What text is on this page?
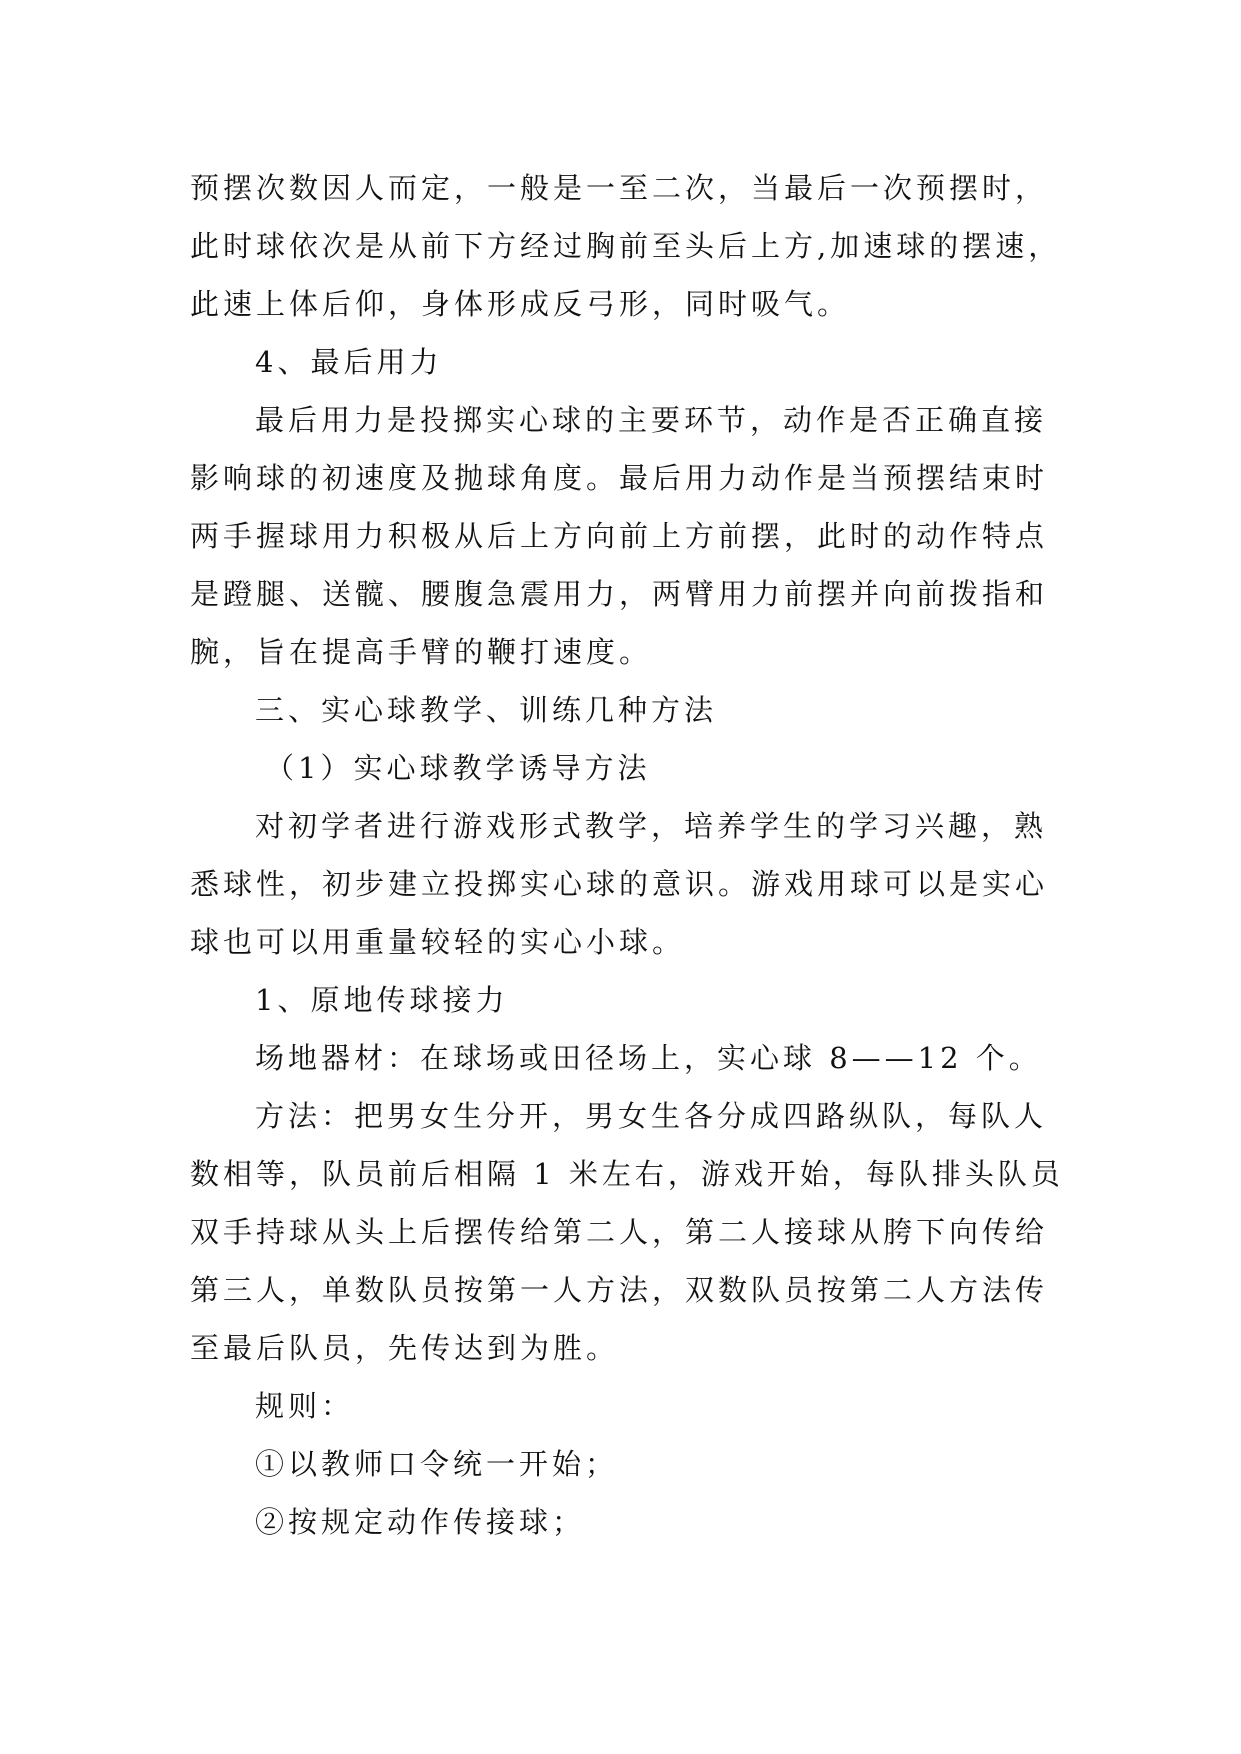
预摆次数因人而定，一般是一至二次，当最后一次预摆时，
此时球依次是从前下方经过胸前至头后上方,加速球的摆速，
此速上体后仰，身体形成反弓形，同时吸气。
4、最后用力
最后用力是投掷实心球的主要环节，动作是否正确直接
影响球的初速度及抛球角度。最后用力动作是当预摆结束时
两手握球用力积极从后上方向前上方前摆，此时的动作特点
是蹬腿、送髋、腰腹急震用力，两臂用力前摆并向前拨指和
腕，旨在提高手臂的鞭打速度。
三、实心球教学、训练几种方法
（1）实心球教学诱导方法
对初学者进行游戏形式教学，培养学生的学习兴趣，熟
悉球性，初步建立投掷实心球的意识。游戏用球可以是实心
球也可以用重量较轻的实心小球。
1、原地传球接力
场地器材：在球场或田径场上，实心球 8——12 个。
方法：把男女生分开，男女生各分成四路纵队，每队人
数相等，队员前后相隔 1 米左右，游戏开始，每队排头队员
双手持球从头上后摆传给第二人，第二人接球从胯下向传给
第三人，单数队员按第一人方法，双数队员按第二人方法传
至最后队员，先传达到为胜。
规则：
①以教师口令统一开始；
②按规定动作传接球；
